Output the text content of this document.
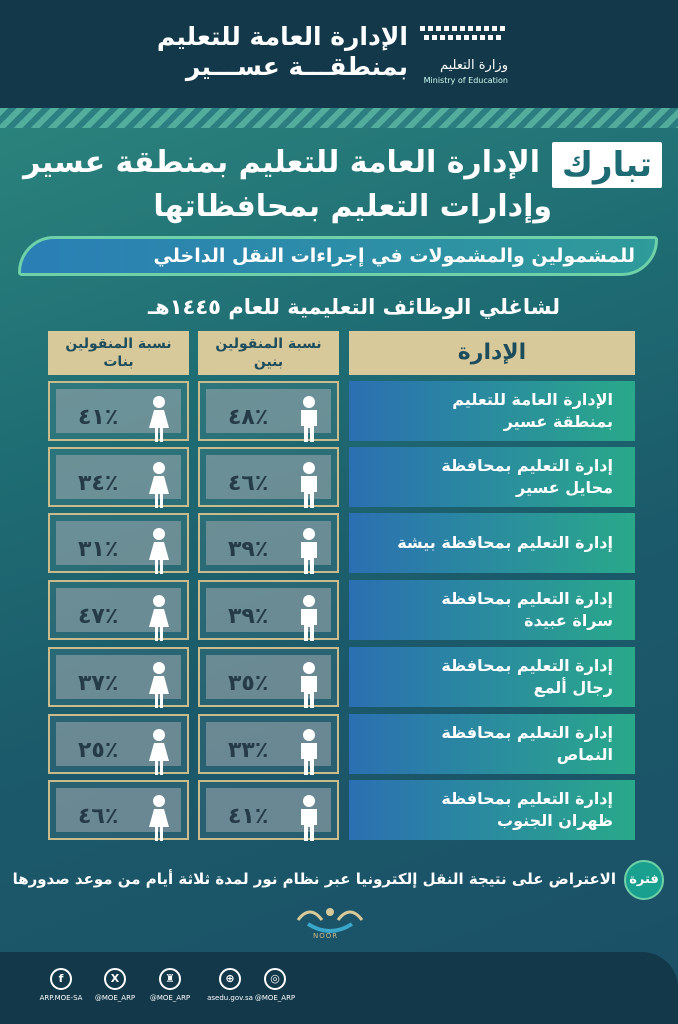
الإدارة العامة للتعليم
بمنطقـــة عســـير	وزارة التعليم
Ministry of Education
تبارك
الإدارة العامة للتعليم بمنطقة عسير
وإدارات التعليم بمحافظاتها
للمشمولين والمشمولات في إجراءات النقل الداخلي
لشاغلي الوظائف التعليمية للعام ١٤٤٥هـ
الإدارة
نسبة المنقولين
بنين
نسبة المنقولين
بنات
الإدارة العامة للتعليم
بمنطقة عسير
٤٨٪
٤١٪
إدارة التعليم بمحافظة
محايل عسير
٤٦٪
٣٤٪
إدارة التعليم بمحافظة بيشة
٣٩٪
٣١٪
إدارة التعليم بمحافظة
سراة عبيدة
٣٩٪
٤٧٪
إدارة التعليم بمحافظة
رجال ألمع
٣٥٪
٣٧٪
إدارة التعليم بمحافظة
النماص
٣٣٪
٢٥٪
إدارة التعليم بمحافظة
ظهران الجنوب
٤١٪
٤٦٪
فترة
الاعتراض على نتيجة النقل إلكترونيا عبر نظام نور لمدة ثلاثة أيام من موعد صدورها
NOOR
f
ARP.MOE-SA
X
@MOE_ARP
♜
@MOE_ARP
⊕
asedu.gov.sa
◎
@MOE_ARP
